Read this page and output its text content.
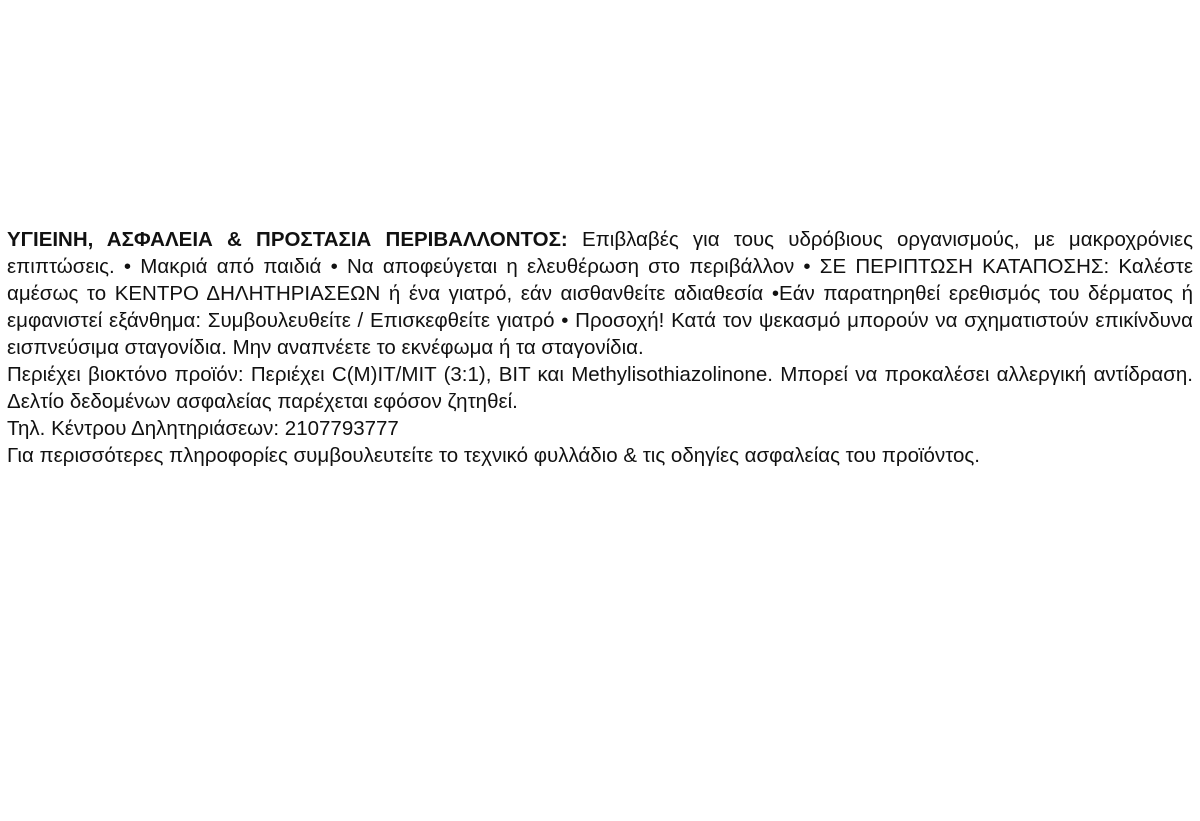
ΥΓΙΕΙΝΗ, ΑΣΦΑΛΕΙΑ & ΠΡΟΣΤΑΣΙΑ ΠΕΡΙΒΑΛΛΟΝΤΟΣ: Επιβλαβές για τους υδρόβιους οργανισμούς, με μακροχρόνιες επιπτώσεις. • Μακριά από παιδιά • Να αποφεύγεται η ελευθέρωση στο περιβάλλον • ΣΕ ΠΕΡΙΠΤΩΣΗ ΚΑΤΑΠΟΣΗΣ: Καλέστε αμέσως το ΚΕΝΤΡΟ ΔΗΛΗΤΗΡΙΑΣΕΩΝ ή ένα γιατρό, εάν αισθανθείτε αδιαθεσία •Εάν παρατηρηθεί ερεθισμός του δέρματος ή εμφανιστεί εξάνθημα: Συμβουλευθείτε / Επισκεφθείτε γιατρό • Προσοχή! Κατά τον ψεκασμό μπορούν να σχηματιστούν επικίνδυνα εισπνεύσιμα σταγονίδια. Μην αναπνέετε το εκνέφωμα ή τα σταγονίδια.

Περιέχει βιοκτόνο προϊόν: Περιέχει C(M)IT/MIT (3:1), BIT και Methylisothiazolinone. Μπορεί να προκαλέσει αλλεργική αντίδραση. Δελτίο δεδομένων ασφαλείας παρέχεται εφόσον ζητηθεί.

Τηλ. Κέντρου Δηλητηριάσεων: 2107793777

Για περισσότερες πληροφορίες συμβουλευτείτε το τεχνικό φυλλάδιο & τις οδηγίες ασφαλείας του προϊόντος.
